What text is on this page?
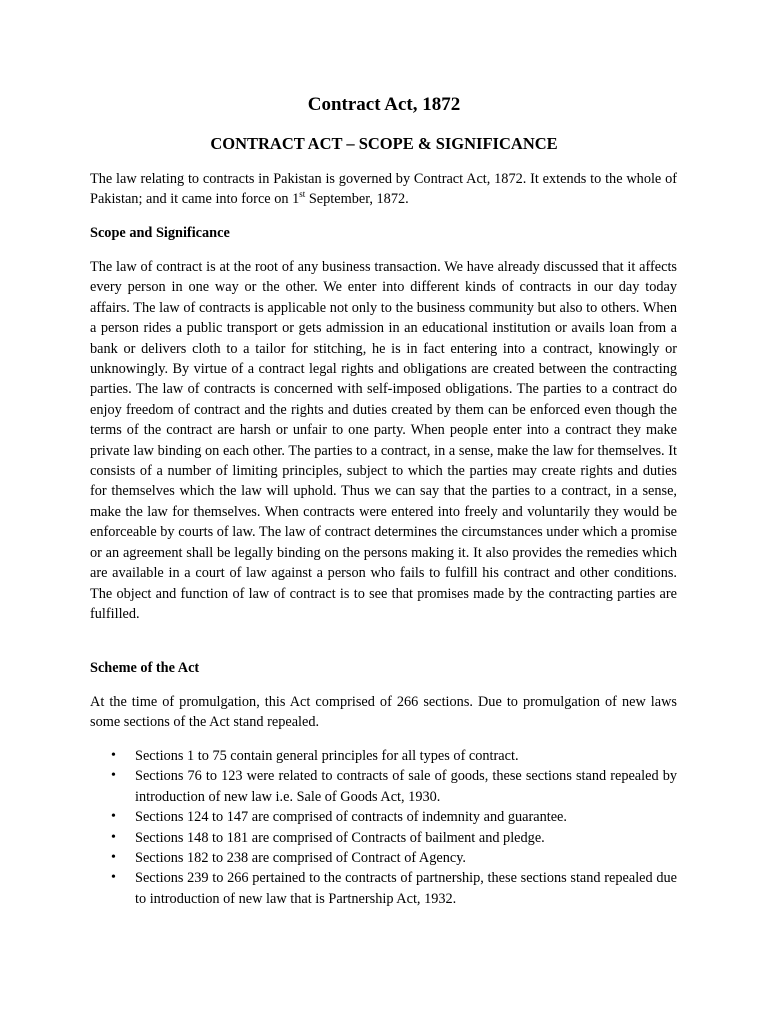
Contract Act, 1872
CONTRACT ACT – SCOPE & SIGNIFICANCE

The law relating to contracts in Pakistan is governed by Contract Act, 1872. It extends to the whole of Pakistan; and it came into force on 1st September, 1872.

Scope and Significance

The law of contract is at the root of any business transaction. We have already discussed that it affects every person in one way or the other. We enter into different kinds of contracts in our day today affairs. The law of contracts is applicable not only to the business community but also to others. When a person rides a public transport or gets admission in an educational institution or avails loan from a bank or delivers cloth to a tailor for stitching, he is in fact entering into a contract, knowingly or unknowingly. By virtue of a contract legal rights and obligations are created between the contracting parties. The law of contracts is concerned with self-imposed obligations. The parties to a contract do enjoy freedom of contract and the rights and duties created by them can be enforced even though the terms of the contract are harsh or unfair to one party. When people enter into a contract they make private law binding on each other. The parties to a contract, in a sense, make the law for themselves. It consists of a number of limiting principles, subject to which the parties may create rights and duties for themselves which the law will uphold. Thus we can say that the parties to a contract, in a sense, make the law for themselves. When contracts were entered into freely and voluntarily they would be enforceable by courts of law. The law of contract determines the circumstances under which a promise or an agreement shall be legally binding on the persons making it. It also provides the remedies which are available in a court of law against a person who fails to fulfill his contract and other conditions. The object and function of law of contract is to see that promises made by the contracting parties are fulfilled.

Scheme of the Act

At the time of promulgation, this Act comprised of 266 sections. Due to promulgation of new laws some sections of the Act stand repealed.

• Sections 1 to 75 contain general principles for all types of contract.
• Sections 76 to 123 were related to contracts of sale of goods, these sections stand repealed by introduction of new law i.e. Sale of Goods Act, 1930.
• Sections 124 to 147 are comprised of contracts of indemnity and guarantee.
• Sections 148 to 181 are comprised of Contracts of bailment and pledge.
• Sections 182 to 238 are comprised of Contract of Agency.
• Sections 239 to 266 pertained to the contracts of partnership, these sections stand repealed due to introduction of new law that is Partnership Act, 1932.
